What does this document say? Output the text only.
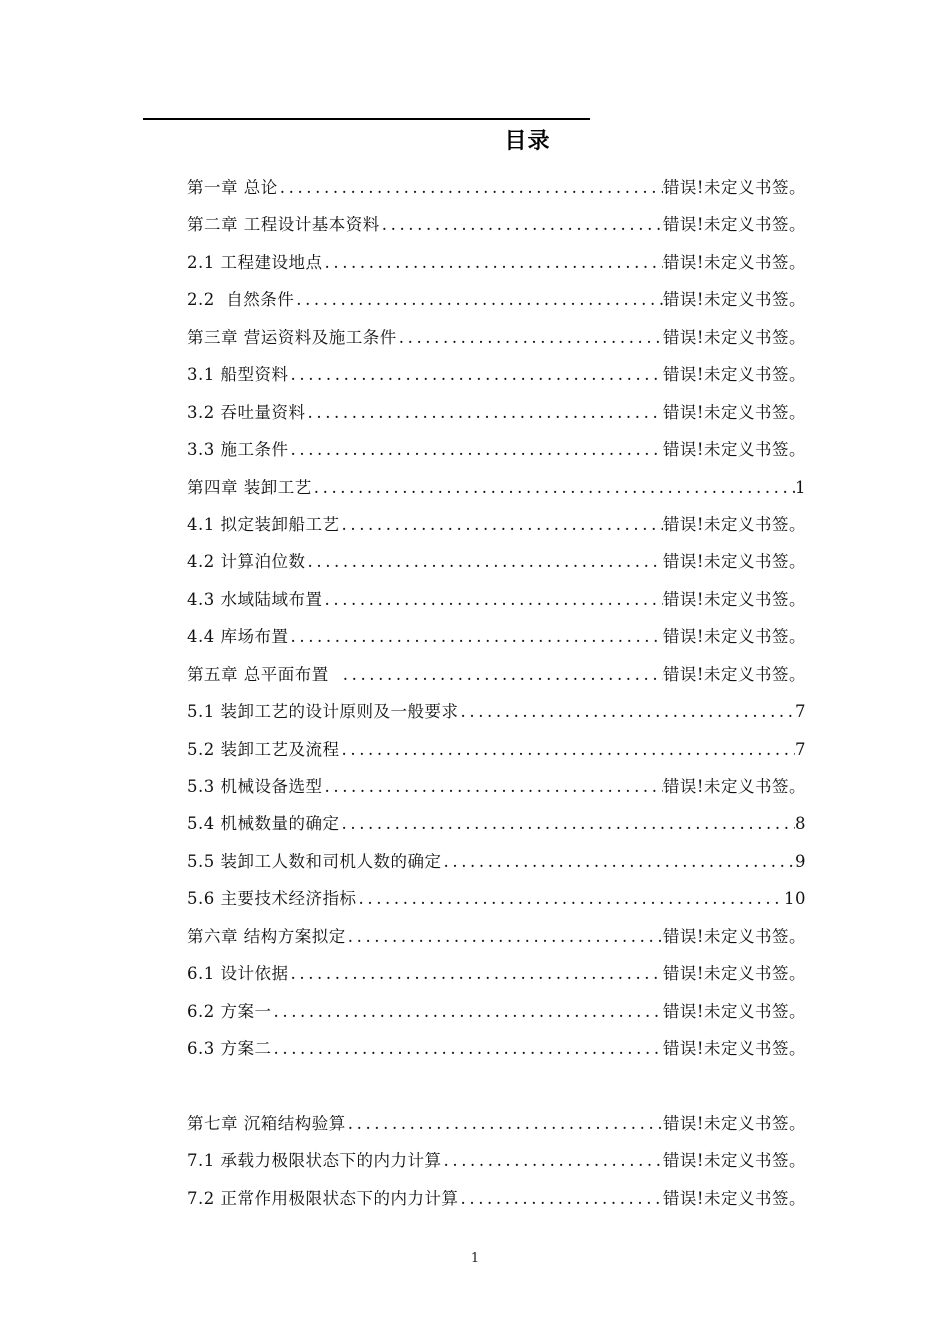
目录
第一章 总论 .....	错误!未定义书签。
第二章 工程设计基本资料 .....	错误!未定义书签。
2.1 工程建设地点 .....	错误!未定义书签。
2.2  自然条件 .....	错误!未定义书签。
第三章 营运资料及施工条件 .....	错误!未定义书签。
3.1 船型资料 .....	错误!未定义书签。
3.2 吞吐量资料 .....	错误!未定义书签。
3.3 施工条件 .....	错误!未定义书签。
第四章 装卸工艺 .....	1
4.1 拟定装卸船工艺 .....	错误!未定义书签。
4.2 计算泊位数 .....	错误!未定义书签。
4.3 水域陆域布置 .....	错误!未定义书签。
4.4 库场布置 .....	错误!未定义书签。
第五章 总平面布置 .....	错误!未定义书签。
5.1 装卸工艺的设计原则及一般要求 .....	7
5.2 装卸工艺及流程 .....	7
5.3 机械设备选型 .....	错误!未定义书签。
5.4 机械数量的确定 .....	8
5.5 装卸工人数和司机人数的确定 .....	9
5.6 主要技术经济指标 .....	10
第六章 结构方案拟定 .....	错误!未定义书签。
6.1 设计依据 .....	错误!未定义书签。
6.2 方案一 .....	错误!未定义书签。
6.3 方案二 .....	错误!未定义书签。
第七章 沉箱结构验算 .....	错误!未定义书签。
7.1 承载力极限状态下的内力计算 .....	错误!未定义书签。
7.2 正常作用极限状态下的内力计算 .....	错误!未定义书签。
1
